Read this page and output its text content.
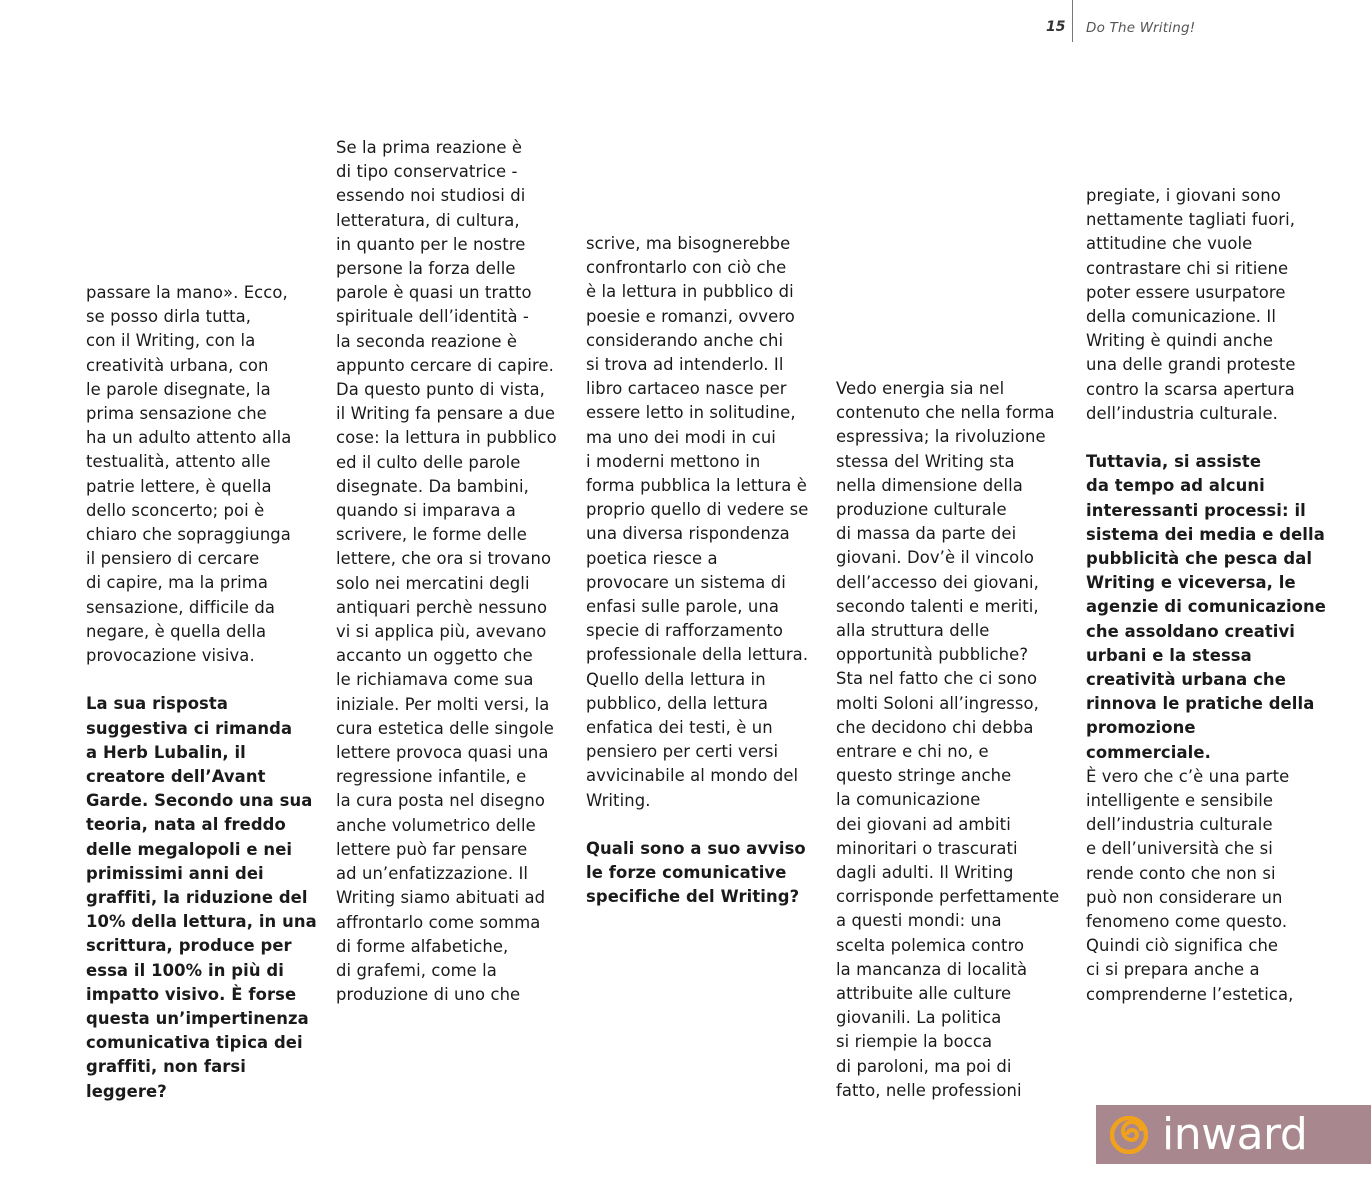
15 Do The Writing!

passare la mano». Ecco,
se posso dirla tutta,
con il Writing, con la
creatività urbana, con
le parole disegnate, la
prima sensazione che
ha un adulto attento alla
testualità, attento alle
patrie lettere, è quella
dello sconcerto; poi è
chiaro che sopraggiunga
il pensiero di cercare
di capire, ma la prima
sensazione, difficile da
negare, è quella della
provocazione visiva.

La sua risposta
suggestiva ci rimanda
a Herb Lubalin, il
creatore dell’Avant
Garde. Secondo una sua
teoria, nata al freddo
delle megalopoli e nei
primissimi anni dei
graffiti, la riduzione del
10% della lettura, in una
scrittura, produce per
essa il 100% in più di
impatto visivo. È forse
questa un’impertinenza
comunicativa tipica dei
graffiti, non farsi leggere?

Se la prima reazione è
di tipo conservatrice -
essendo noi studiosi di
letteratura, di cultura,
in quanto per le nostre
persone la forza delle
parole è quasi un tratto
spirituale dell’identità -
la seconda reazione è
appunto cercare di capire.
Da questo punto di vista,
il Writing fa pensare a due
cose: la lettura in pubblico
ed il culto delle parole
disegnate. Da bambini,
quando si imparava a
scrivere, le forme delle
lettere, che ora si trovano
solo nei mercatini degli
antiquari perchè nessuno
vi si applica più, avevano
accanto un oggetto che
le richiamava come sua
iniziale. Per molti versi, la
cura estetica delle singole
lettere provoca quasi una
regressione infantile, e
la cura posta nel disegno
anche volumetrico delle
lettere può far pensare
ad un’enfatizzazione. Il
Writing siamo abituati ad
affrontarlo come somma
di forme alfabetiche,
di grafemi, come la
produzione di uno che

scrive, ma bisognerebbe
confrontarlo con ciò che
è la lettura in pubblico di
poesie e romanzi, ovvero
considerando anche chi
si trova ad intenderlo. Il
libro cartaceo nasce per
essere letto in solitudine,
ma uno dei modi in cui
i moderni mettono in
forma pubblica la lettura è
proprio quello di vedere se
una diversa rispondenza
poetica riesce a
provocare un sistema di
enfasi sulle parole, una
specie di rafforzamento
professionale della lettura.
Quello della lettura in
pubblico, della lettura
enfatica dei testi, è un
pensiero per certi versi
avvicinabile al mondo del
Writing.

Quali sono a suo avviso
le forze comunicative
specifiche del Writing?

Vedo energia sia nel
contenuto che nella forma
espressiva; la rivoluzione
stessa del Writing sta
nella dimensione della
produzione culturale
di massa da parte dei
giovani. Dov’è il vincolo
dell’accesso dei giovani,
secondo talenti e meriti,
alla struttura delle
opportunità pubbliche?
Sta nel fatto che ci sono
molti Soloni all’ingresso,
che decidono chi debba
entrare e chi no, e
questo stringe anche
la comunicazione
dei giovani ad ambiti
minoritari o trascurati
dagli adulti. Il Writing
corrisponde perfettamente
a questi mondi: una
scelta polemica contro
la mancanza di località
attribuite alle culture
giovanili. La politica
si riempie la bocca
di paroloni, ma poi di
fatto, nelle professioni

pregiate, i giovani sono
nettamente tagliati fuori,
attitudine che vuole
contrastare chi si ritiene
poter essere usurpatore
della comunicazione. Il
Writing è quindi anche
una delle grandi proteste
contro la scarsa apertura
dell’industria culturale.

Tuttavia, si assiste
da tempo ad alcuni
interessanti processi: il
sistema dei media e della
pubblicità che pesca dal
Writing e viceversa, le
agenzie di comunicazione
che assoldano creativi
urbani e la stessa
creatività urbana che
rinnova le pratiche della
promozione commerciale.

È vero che c’è una parte
intelligente e sensibile
dell’industria culturale
e dell’università che si
rende conto che non si
può non considerare un
fenomeno come questo.
Quindi ciò significa che
ci si prepara anche a
comprenderne l’estetica,

inward
